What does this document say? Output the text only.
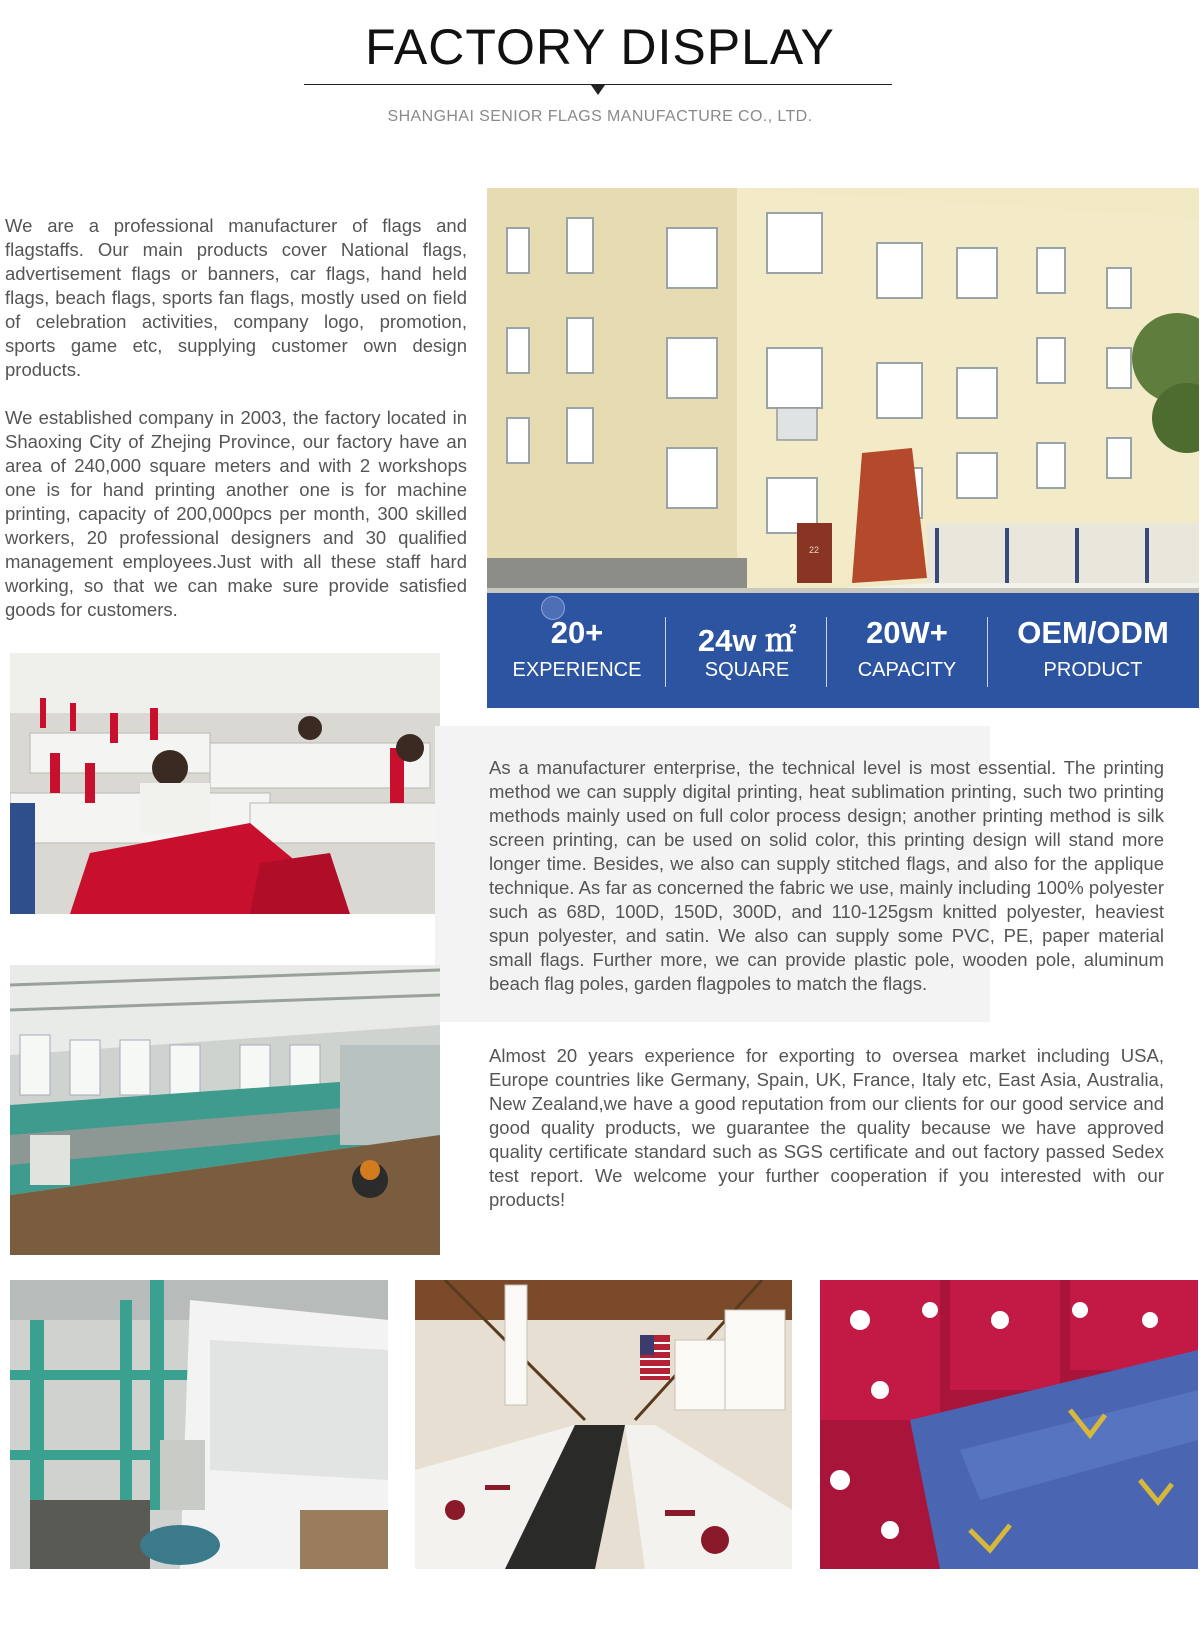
FACTORY DISPLAY
SHANGHAI SENIOR FLAGS MANUFACTURE CO., LTD.

We are a professional manufacturer of flags and flagstaffs. Our main products cover National flags, advertisement flags or banners, car flags, hand held flags, beach flags, sports fan flags, mostly used on field of celebration activities, company logo, promotion, sports game etc, supplying customer own design products.

We established company in 2003, the factory located in Shaoxing City of Zhejing Province, our factory have an area of 240,000 square meters and with 2 workshops one is for hand printing another one is for machine printing, capacity of 200,000pcs per month, 300 skilled workers, 20 professional designers and 30 qualified management employees.Just with all these staff hard working, so that we can make sure provide satisfied goods for customers.

22
20+
EXPERIENCE
24w ㎡
SQUARE
20W+
CAPACITY
OEM/ODM
PRODUCT

As a manufacturer enterprise, the technical level is most essential. The printing method we can supply digital printing, heat sublimation printing, such two printing methods mainly used on full color process design; another printing method is silk screen printing, can be used on solid color, this printing design will stand more longer time. Besides, we also can supply stitched flags, and also for the applique technique. As far as concerned the fabric we use, mainly including 100% polyester such as 68D, 100D, 150D, 300D, and 110-125gsm knitted polyester, heaviest spun polyester, and satin. We also can supply some PVC, PE, paper material small flags. Further more, we can provide plastic pole, wooden pole, aluminum beach flag poles, garden flagpoles to match the flags.

Almost 20 years experience for exporting to oversea market including USA, Europe countries like Germany, Spain, UK, France, Italy etc, East Asia, Australia, New Zealand,we have a good reputation from our clients for our good service and good quality products, we guarantee the quality because we have approved quality certificate standard such as SGS certificate and out factory passed Sedex test report. We welcome your further cooperation if you interested with our products!
